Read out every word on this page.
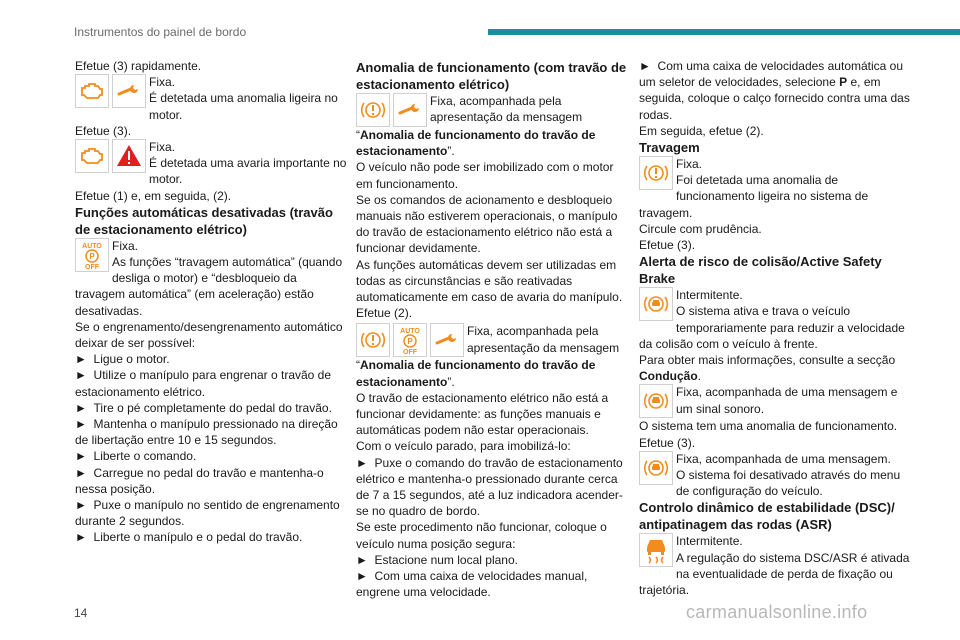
Instrumentos do painel de bordo

Efetue (3) rapidamente.

Fixa.
É detetada uma anomalia ligeira no motor.

Efetue (3).

Fixa.
É detetada uma avaria importante no motor.

Efetue (1) e, em seguida, (2).

Funções automáticas desativadas (travão de estacionamento elétrico)

AUTO
P
OFF
Fixa.
As funções “travagem automática” (quando desliga o motor) e “desbloqueio da travagem automática” (em aceleração) estão desativadas.

Se o engrenamento/desengrenamento automático deixar de ser possível:

►  Ligue o motor.

►  Utilize o manípulo para engrenar o travão de estacionamento elétrico.

►  Tire o pé completamente do pedal do travão.

►  Mantenha o manípulo pressionado na direção de libertação entre 10 e 15 segundos.

►  Liberte o comando.

►  Carregue no pedal do travão e mantenha-o nessa posição.

►  Puxe o manípulo no sentido de engrenamento durante 2 segundos.

►  Liberte o manípulo e o pedal do travão.

Anomalia de funcionamento (com travão de estacionamento elétrico)

Fixa, acompanhada pela
apresentação da mensagem

“Anomalia de funcionamento do travão de estacionamento”.

O veículo não pode ser imobilizado com o motor em funcionamento.

Se os comandos de acionamento e desbloqueio manuais não estiverem operacionais, o manípulo do travão de estacionamento elétrico não está a funcionar devidamente.

As funções automáticas devem ser utilizadas em todas as circunstâncias e são reativadas automaticamente em caso de avaria do manípulo.

Efetue (2).

AUTO
P
OFF
Fixa, acompanhada pela
apresentação da mensagem

“Anomalia de funcionamento do travão de estacionamento”.

O travão de estacionamento elétrico não está a funcionar devidamente: as funções manuais e automáticas podem não estar operacionais.

Com o veículo parado, para imobilizá-lo:

►  Puxe o comando do travão de estacionamento elétrico e mantenha-o pressionado durante cerca de 7 a 15 segundos, até a luz indicadora acender-se no quadro de bordo.

Se este procedimento não funcionar, coloque o veículo numa posição segura:

►  Estacione num local plano.

►  Com uma caixa de velocidades manual, engrene uma velocidade.

►  Com uma caixa de velocidades automática ou um seletor de velocidades, selecione P e, em seguida, coloque o calço fornecido contra uma das rodas.

Em seguida, efetue (2).

Travagem

Fixa.
Foi detetada uma anomalia de funcionamento ligeira no sistema de travagem.

Circule com prudência.

Efetue (3).

Alerta de risco de colisão/Active Safety Brake

Intermitente.
O sistema ativa e trava o veículo temporariamente para reduzir a velocidade da colisão com o veículo à frente.

Para obter mais informações, consulte a secção Condução.

Fixa, acompanhada de uma mensagem e
um sinal sonoro.

O sistema tem uma anomalia de funcionamento.

Efetue (3).

Fixa, acompanhada de uma mensagem.
O sistema foi desativado através do menu de configuração do veículo.

Controlo dinâmico de estabilidade (DSC)/ antipatinagem das rodas (ASR)

Intermitente.
A regulação do sistema DSC/ASR é ativada na eventualidade de perda de fixação ou trajetória.
14	carmanualsonline.info
